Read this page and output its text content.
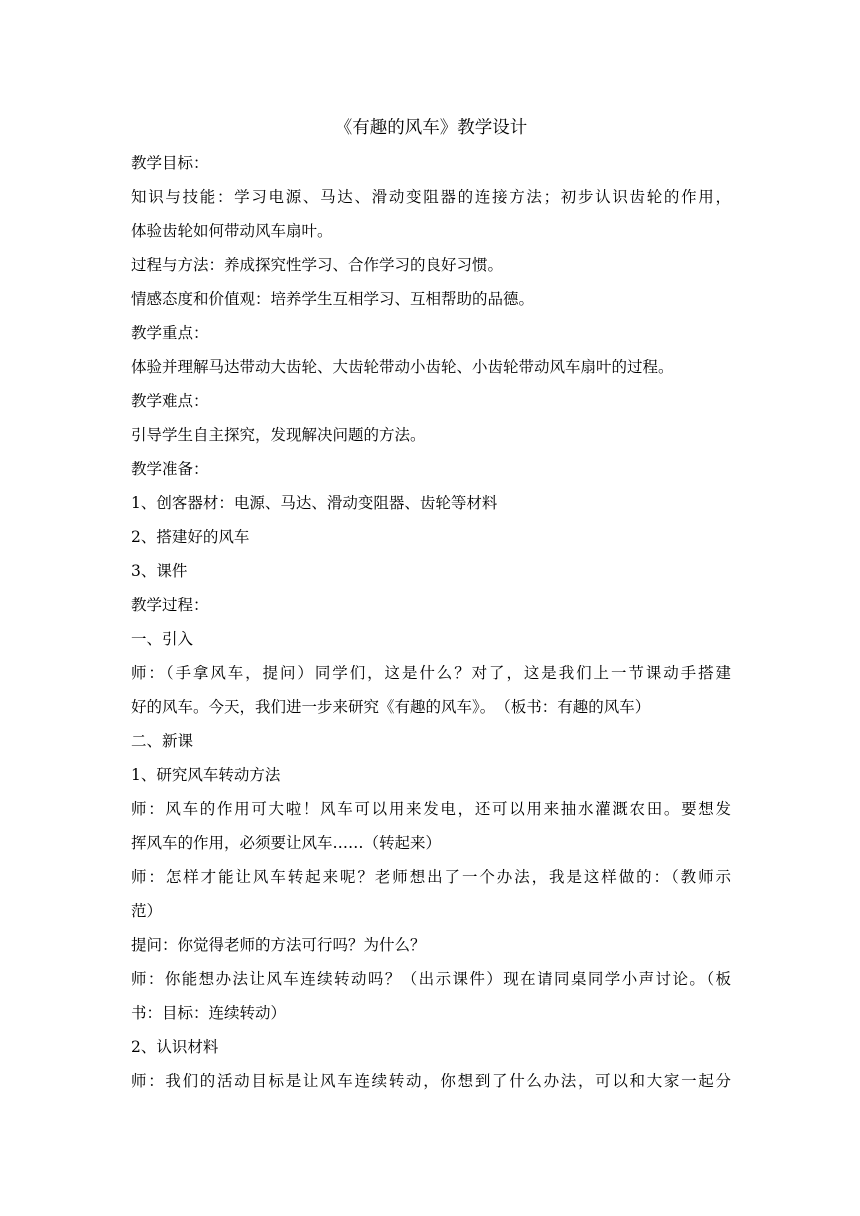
《有趣的风车》教学设计
教学目标：
知识与技能：学习电源、马达、滑动变阻器的连接方法；初步认识齿轮的作用，
体验齿轮如何带动风车扇叶。
过程与方法：养成探究性学习、合作学习的良好习惯。
情感态度和价值观：培养学生互相学习、互相帮助的品德。
教学重点：
体验并理解马达带动大齿轮、大齿轮带动小齿轮、小齿轮带动风车扇叶的过程。
教学难点：
引导学生自主探究，发现解决问题的方法。
教学准备：
1、创客器材：电源、马达、滑动变阻器、齿轮等材料
2、搭建好的风车
3、课件
教学过程：
一、引入
师：（手拿风车，提问）同学们，这是什么？对了，这是我们上一节课动手搭建
好的风车。今天，我们进一步来研究《有趣的风车》。　（板书：有趣的风车）
二、新课
1、研究风车转动方法
师：风车的作用可大啦！风车可以用来发电，还可以用来抽水灌溉农田。要想发
挥风车的作用，必须要让风车……（转起来）
师：怎样才能让风车转起来呢？老师想出了一个办法，我是这样做的：（教师示
范）
提问：你觉得老师的方法可行吗？为什么？
师：你能想办法让风车连续转动吗？（出示课件）现在请同桌同学小声讨论。（板
书：目标：连续转动）
2、认识材料
师：我们的活动目标是让风车连续转动，你想到了什么办法，可以和大家一起分
